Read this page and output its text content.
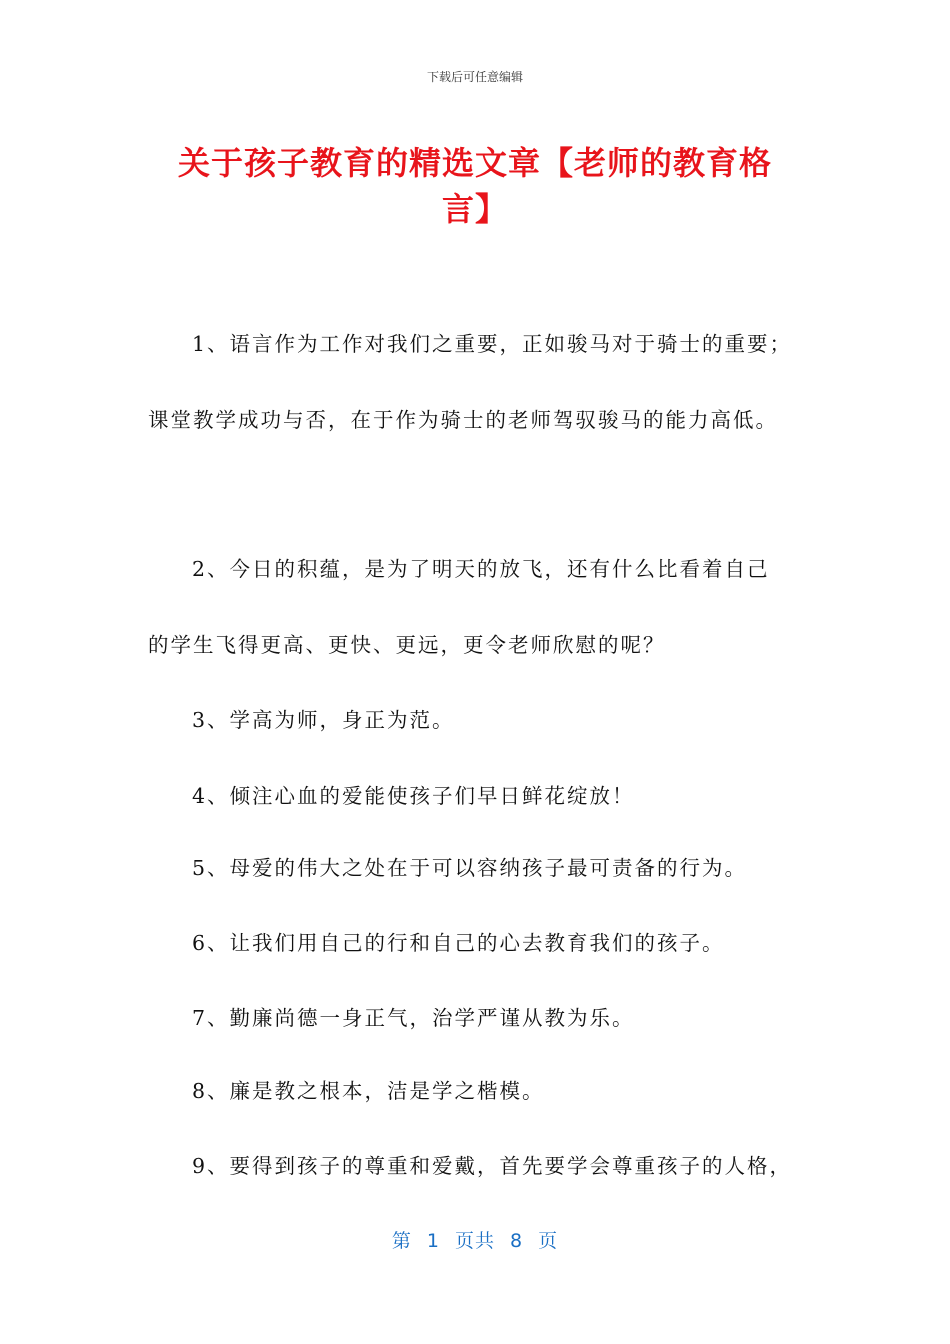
下载后可任意编辑
关于孩子教育的精选文章【老师的教育格
言】
1、语言作为工作对我们之重要，正如骏马对于骑士的重要；
课堂教学成功与否，在于作为骑士的老师驾驭骏马的能力高低。
2、今日的积蕴，是为了明天的放飞，还有什么比看着自己
的学生飞得更高、更快、更远，更令老师欣慰的呢？
3、学高为师，身正为范。
4、倾注心血的爱能使孩子们早日鲜花绽放！
5、母爱的伟大之处在于可以容纳孩子最可责备的行为。
6、让我们用自己的行和自己的心去教育我们的孩子。
7、勤廉尚德一身正气，治学严谨从教为乐。
8、廉是教之根本，洁是学之楷模。
9、要得到孩子的尊重和爱戴，首先要学会尊重孩子的人格，
第 1 页共 8 页
